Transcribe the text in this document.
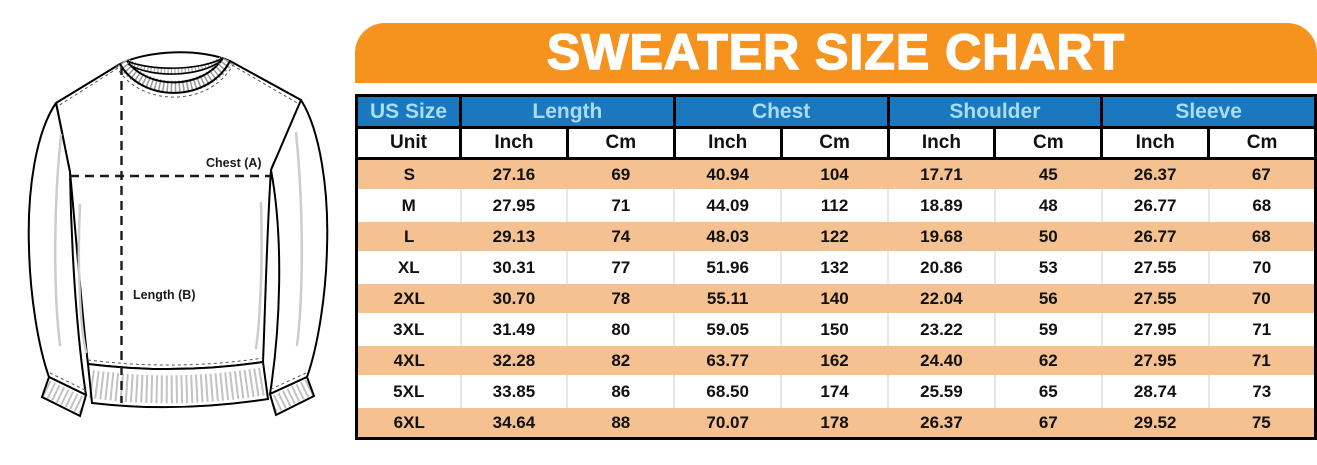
Chest (A)
Length (B)
SWEATER SIZE CHART
US Size	Length		Chest		Shoulder		Sleeve	
Unit	Inch	Cm	Inch	Cm	Inch	Cm	Inch	Cm
S	27.16	69	40.94	104	17.71	45	26.37	67
M	27.95	71	44.09	112	18.89	48	26.77	68
L	29.13	74	48.03	122	19.68	50	26.77	68
XL	30.31	77	51.96	132	20.86	53	27.55	70
2XL	30.70	78	55.11	140	22.04	56	27.55	70
3XL	31.49	80	59.05	150	23.22	59	27.95	71
4XL	32.28	82	63.77	162	24.40	62	27.95	71
5XL	33.85	86	68.50	174	25.59	65	28.74	73
6XL	34.64	88	70.07	178	26.37	67	29.52	75
